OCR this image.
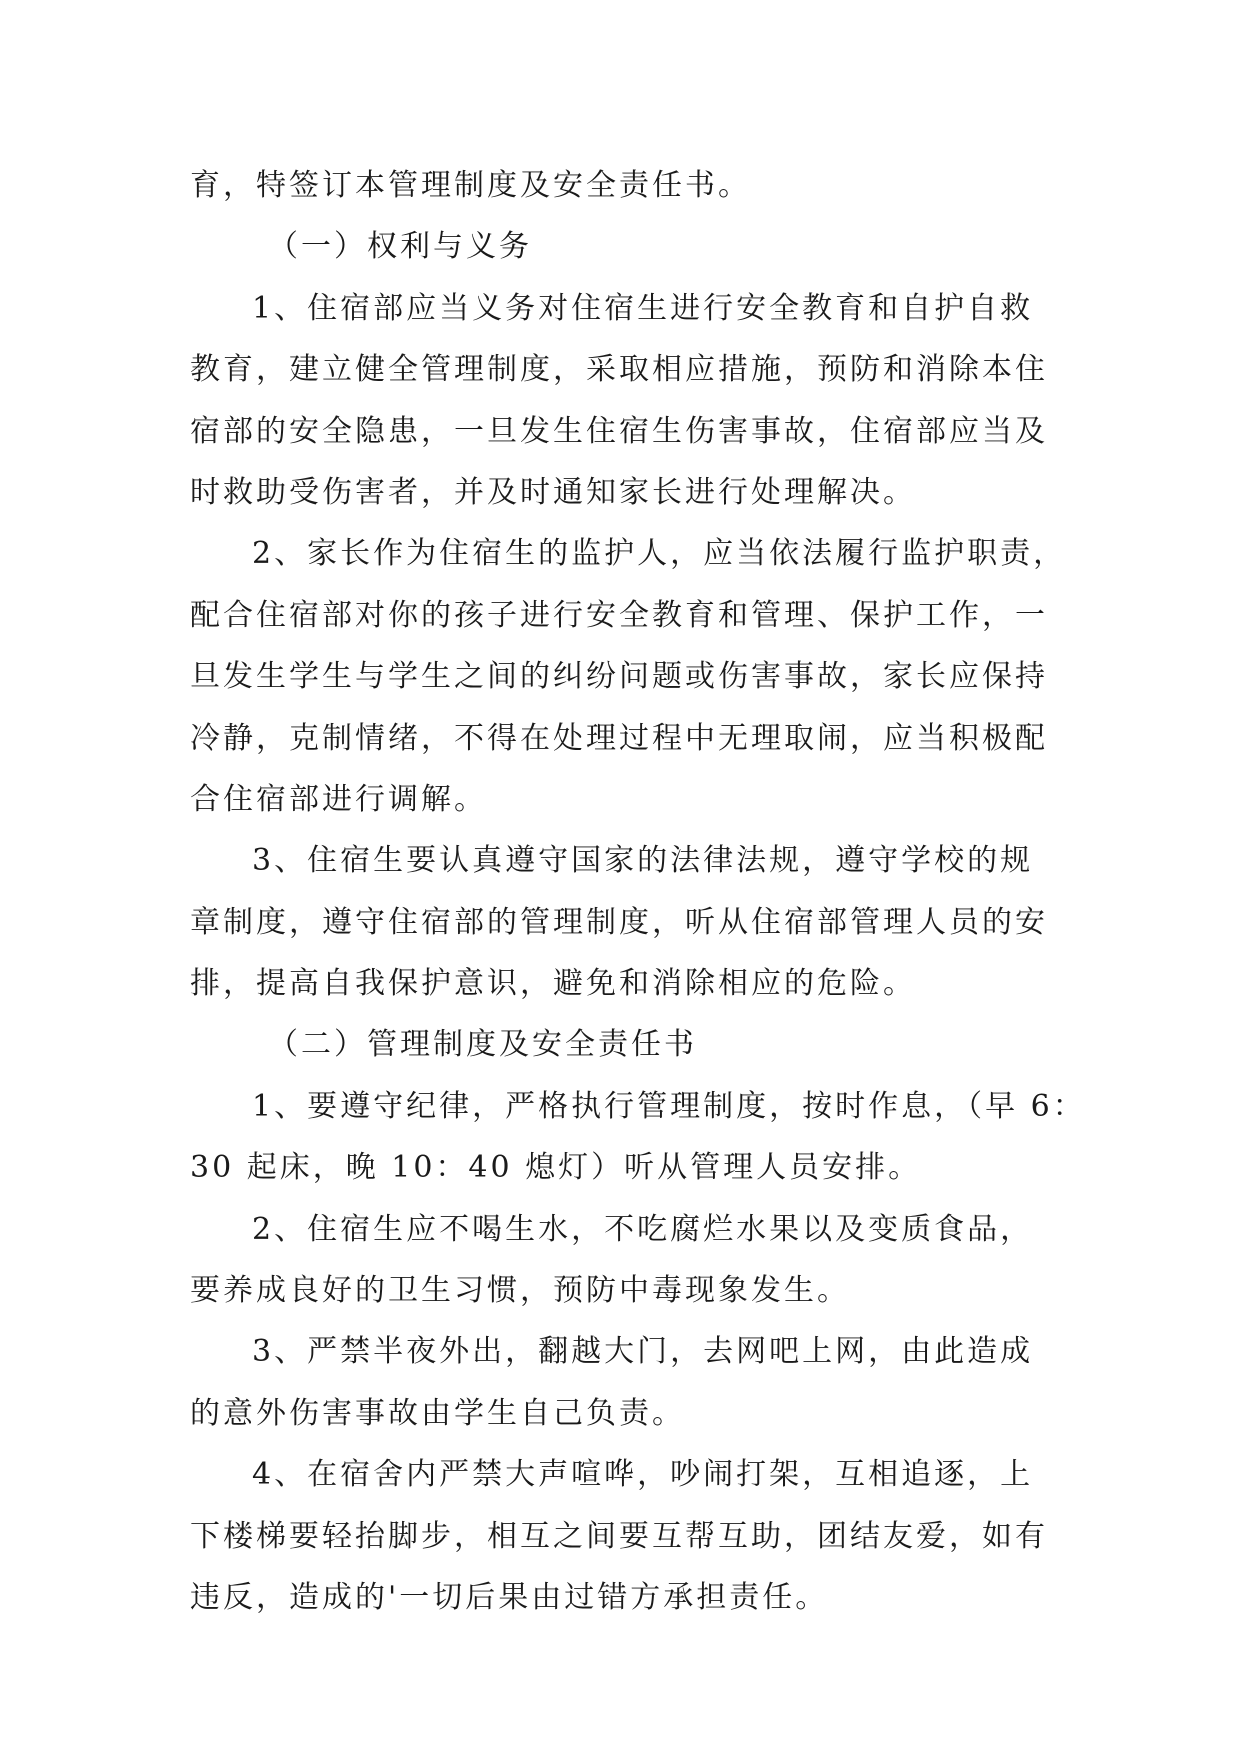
育，特签订本管理制度及安全责任书。
（一）权利与义务
1、住宿部应当义务对住宿生进行安全教育和自护自救
教育，建立健全管理制度，采取相应措施，预防和消除本住
宿部的安全隐患，一旦发生住宿生伤害事故，住宿部应当及
时救助受伤害者，并及时通知家长进行处理解决。
2、家长作为住宿生的监护人，应当依法履行监护职责，
配合住宿部对你的孩子进行安全教育和管理、保护工作，一
旦发生学生与学生之间的纠纷问题或伤害事故，家长应保持
冷静，克制情绪，不得在处理过程中无理取闹，应当积极配
合住宿部进行调解。
3、住宿生要认真遵守国家的法律法规，遵守学校的规
章制度，遵守住宿部的管理制度，听从住宿部管理人员的安
排，提高自我保护意识，避免和消除相应的危险。
（二）管理制度及安全责任书
1、要遵守纪律，严格执行管理制度，按时作息，（早 6：
30 起床，晚 10：40 熄灯）听从管理人员安排。
2、住宿生应不喝生水，不吃腐烂水果以及变质食品，
要养成良好的卫生习惯，预防中毒现象发生。
3、严禁半夜外出，翻越大门，去网吧上网，由此造成
的意外伤害事故由学生自己负责。
4、在宿舍内严禁大声喧哗，吵闹打架，互相追逐，上
下楼梯要轻抬脚步，相互之间要互帮互助，团结友爱，如有
违反，造成的'一切后果由过错方承担责任。
